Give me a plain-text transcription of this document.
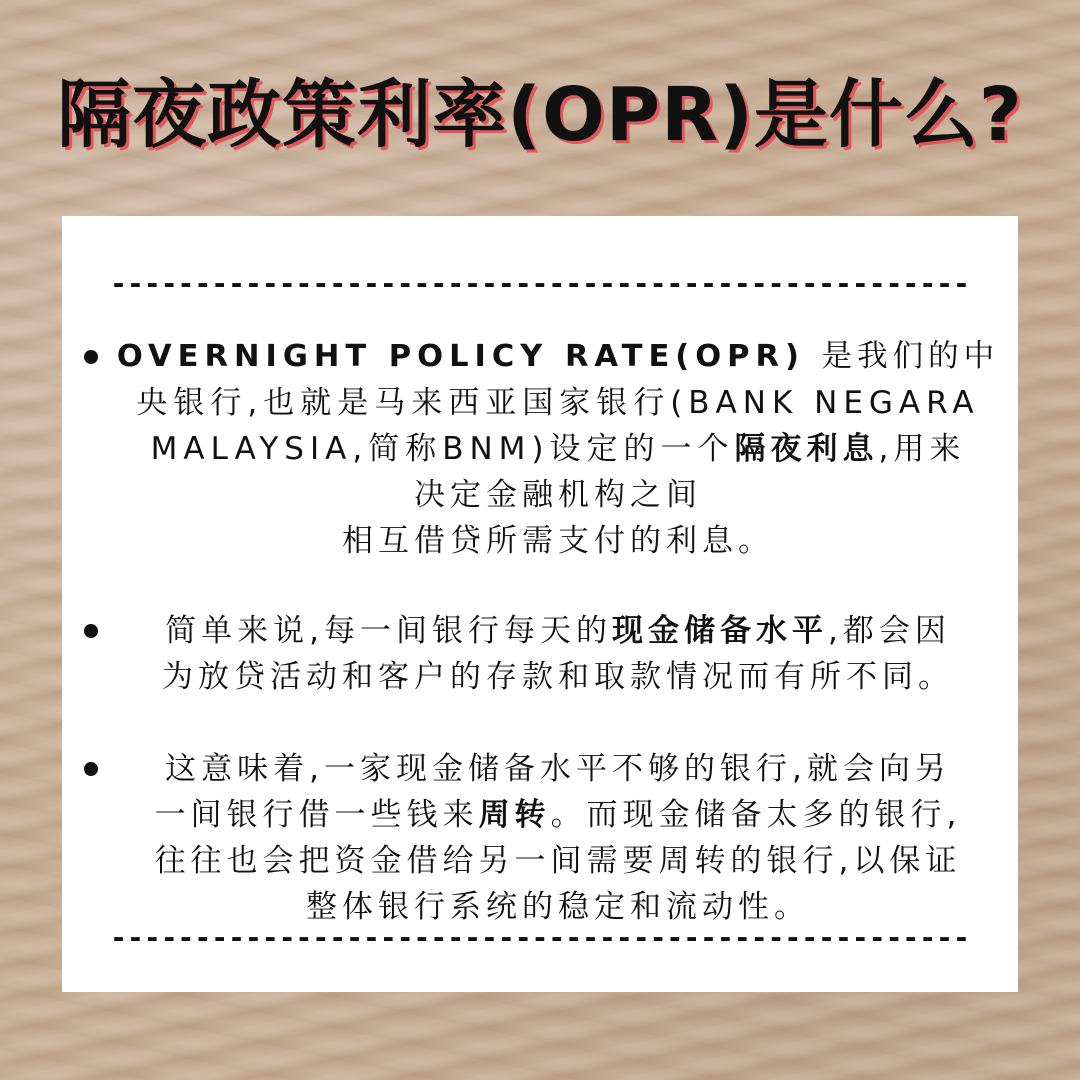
隔夜政策利率(OPR)是什么?
---------------------------------------------------
OVERNIGHT POLICY RATE(OPR) 是我们的中
央银行,也就是马来西亚国家银行(BANK NEGARA
MALAYSIA,简称BNM)设定的一个隔夜利息,用来
决定金融机构之间
相互借贷所需支付的利息。
简单来说,每一间银行每天的现金储备水平,都会因
为放贷活动和客户的存款和取款情况而有所不同。
这意味着,一家现金储备水平不够的银行,就会向另
一间银行借一些钱来周转。而现金储备太多的银行,
往往也会把资金借给另一间需要周转的银行,以保证
整体银行系统的稳定和流动性。
---------------------------------------------------
